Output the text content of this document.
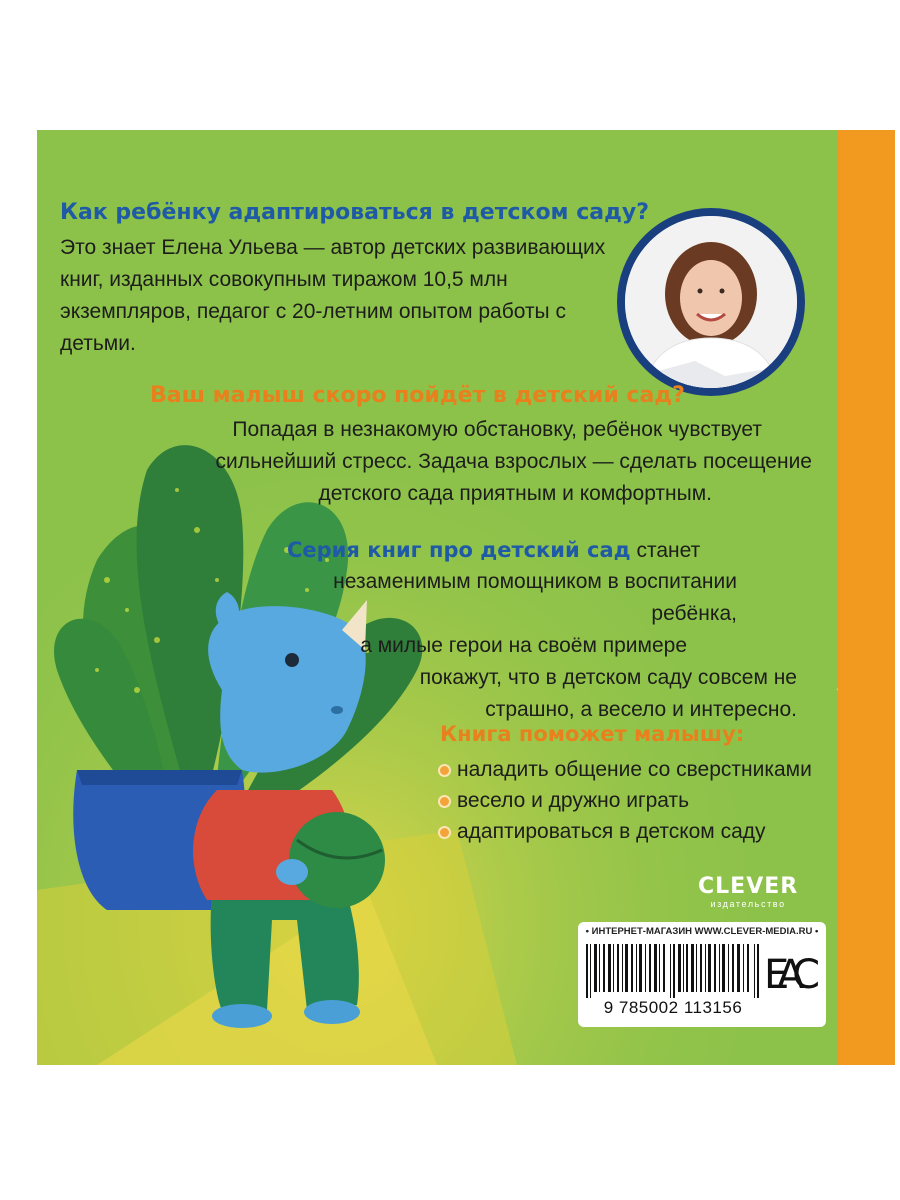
Как ребёнку адаптироваться в детском саду?
Это знает Елена Ульева — автор детских развивающих книг, изданных совокупным тиражом 10,5 млн экземпляров, педагог с 20-летним опытом работы с детьми.
Ваш малыш скоро пойдёт в детский сад?
Попадая в незнакомую обстановку, ребёнок чувствует
сильнейший стресс. Задача взрослых — сделать посещение
детского сада приятным и комфортным.
Серия книг про детский сад станет
незаменимым помощником в воспитании ребёнка,
а милые герои на своём примере
покажут, что в детском саду совсем не
страшно, а весело и интересно.
Книга поможет малышу:
наладить общение со сверстниками
весело и дружно играть
адаптироваться в детском саду
CLEVER
издательство
• ИНТЕРНЕТ-МАГАЗИН WWW.CLEVER-MEDIA.RU •
9 785002 113156
ЕАС
